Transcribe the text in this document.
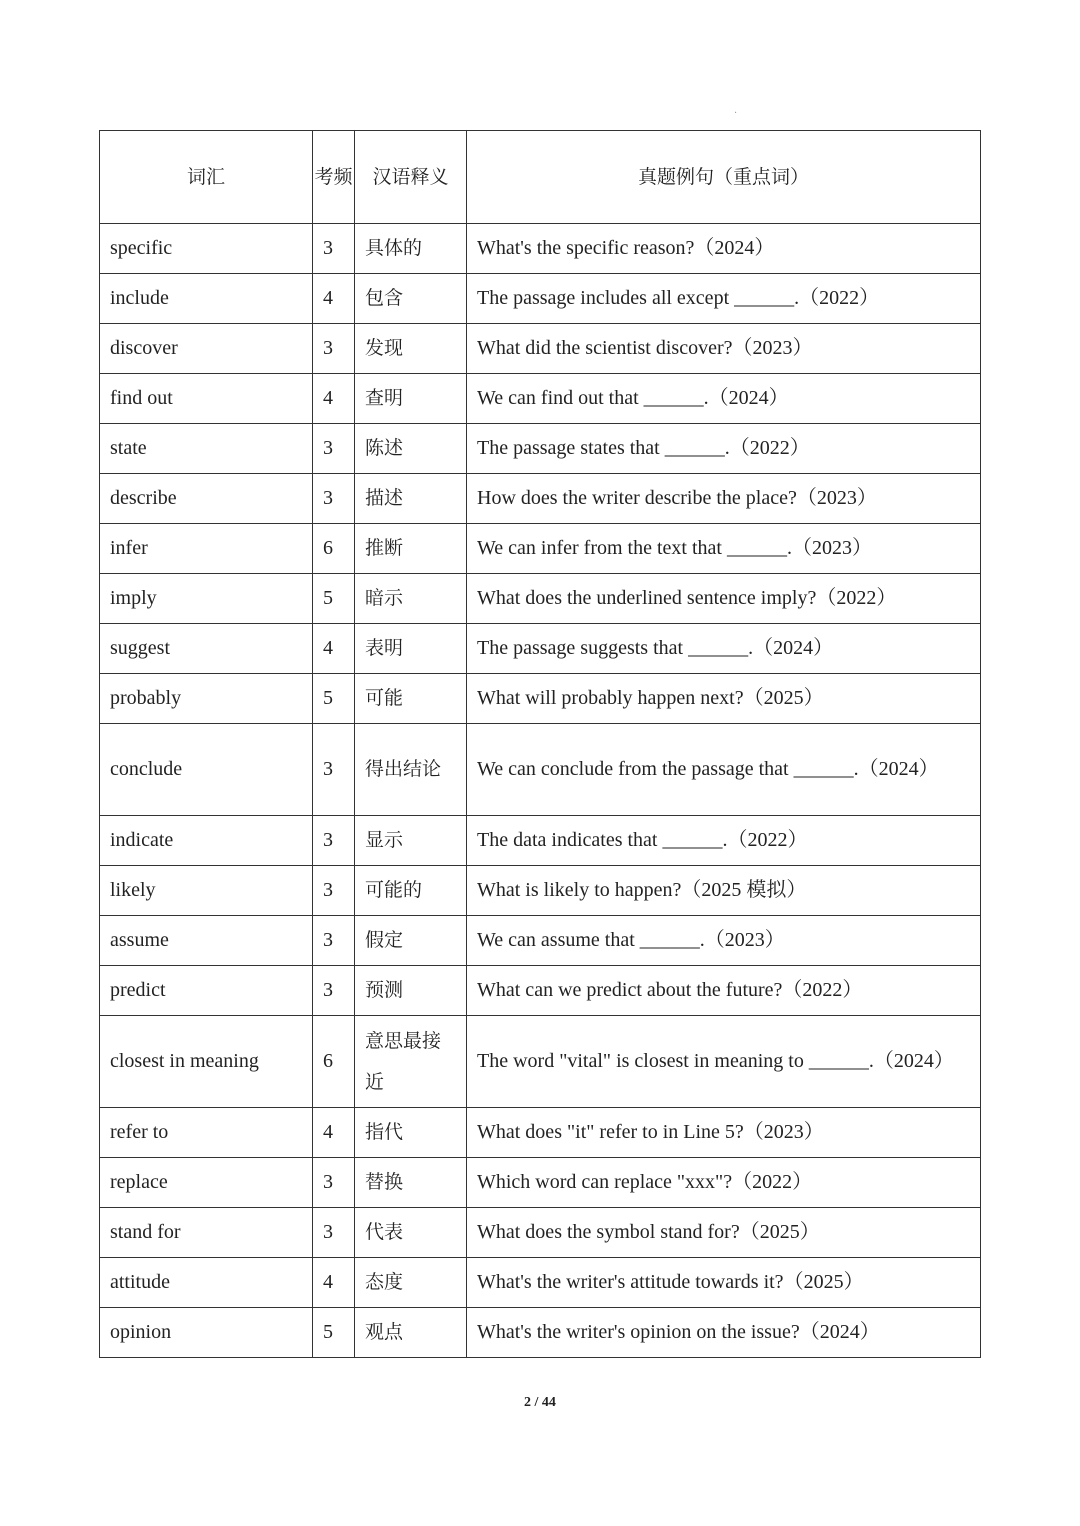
·
词汇	考频	汉语释义	真题例句（重点词）
specific	3	具体的	What's the specific reason?（2024）
include	4	包含	The passage includes all except ______.（2022）
discover	3	发现	What did the scientist discover?（2023）
find out	4	查明	We can find out that ______.（2024）
state	3	陈述	The passage states that ______.（2022）
describe	3	描述	How does the writer describe the place?（2023）
infer	6	推断	We can infer from the text that ______.（2023）
imply	5	暗示	What does the underlined sentence imply?（2022）
suggest	4	表明	The passage suggests that ______.（2024）
probably	5	可能	What will probably happen next?（2025）
conclude	3	得出结论	We can conclude from the passage that ______.（2024）
indicate	3	显示	The data indicates that ______.（2022）
likely	3	可能的	What is likely to happen?（2025 模拟）
assume	3	假定	We can assume that ______.（2023）
predict	3	预测	What can we predict about the future?（2022）
closest in meaning	6	意思最接近	The word "vital" is closest in meaning to ______.（2024）
refer to	4	指代	What does "it" refer to in Line 5?（2023）
replace	3	替换	Which word can replace "xxx"?（2022）
stand for	3	代表	What does the symbol stand for?（2025）
attitude	4	态度	What's the writer's attitude towards it?（2025）
opinion	5	观点	What's the writer's opinion on the issue?（2024）
2 / 44
